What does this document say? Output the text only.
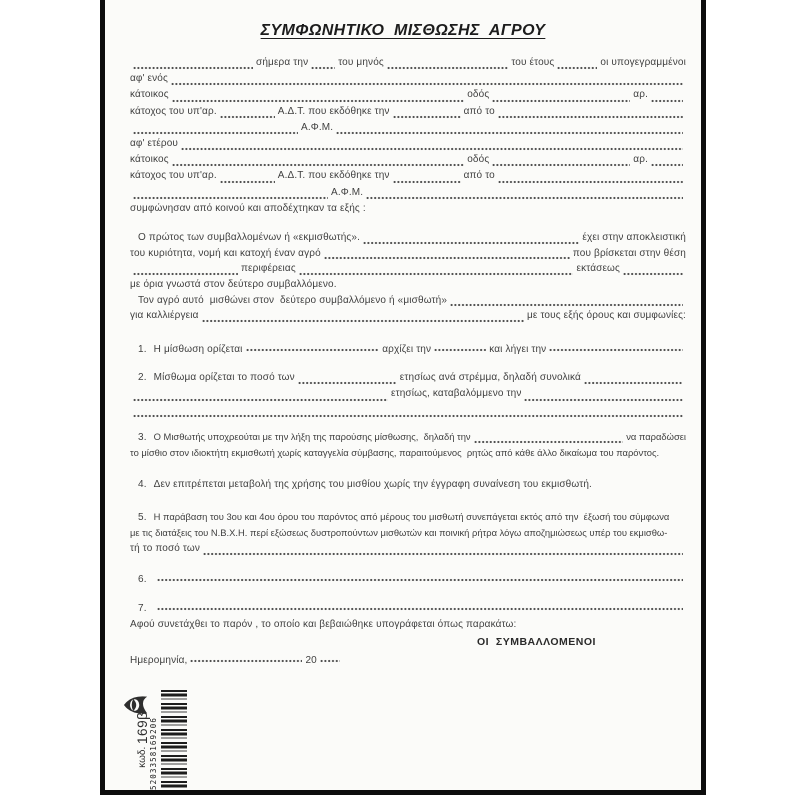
ΣΥΜΦΩΝΗΤΙΚΟ  ΜΙΣΘΩΣΗΣ  ΑΓΡΟΥ
σήμερα την	του μηνός	του έτους	οι υπογεγραμμένοι
αφ' ενός
κάτοικος	οδός	αρ.
κάτοχος του υπ'αρ.	Α.Δ.Τ. που εκδόθηκε την	από το
Α.Φ.Μ.
αφ' ετέρου
κάτοικος	οδός	αρ.
κάτοχος του υπ'αρ.	Α.Δ.Τ. που εκδόθηκε την	από το
Α.Φ.Μ.
συμφώνησαν από κοινού και αποδέχτηκαν τα εξής :
Ο πρώτος των συμβαλλομένων ή «εκμισθωτής».	έχει στην αποκλειστική
του κυριότητα, νομή και κατοχή έναν αγρό	που βρίσκεται στην θέση
περιφέρειας	εκτάσεως
με όρια γνωστά στον δεύτερο συμβαλλόμενο.
Τον αγρό αυτό  μισθώνει στον  δεύτερο συμβαλλόμενο ή «μισθωτή»
για καλλιέργεια	με τους εξής όρους και συμφωνίες:
1. Η μίσθωση ορίζεται	αρχίζει την	και λήγει την
2. Μίσθωμα ορίζεται το ποσό των	ετησίως ανά στρέμμα, δηλαδή συνολικά
ετησίως, καταβαλόμμενο την
3. Ο Μισθωτής υποχρεούται με την λήξη της παρούσης μίσθωσης,  δηλαδή την	να παραδώσει
το μίσθιο στον ιδιοκτήτη εκμισθωτή χωρίς καταγγελία σύμβασης, παραιτούμενος  ρητώς από κάθε άλλο δικαίωμα του παρόντος.
4. Δεν επιτρέπεται μεταβολή της χρήσης του μισθίου χωρίς την έγγραφη συναίνεση του εκμισθωτή.
5. Η παράβαση του 3ου και 4ου όρου του παρόντος από μέρους του μισθωτή συνεπάγεται εκτός από την  έξωσή του σύμφωνα
με τις διατάξεις του Ν.Β.Χ.Η. περί εξώσεως δυστροπούντων μισθωτών και ποινική ρήτρα λόγω αποζημιώσεως υπέρ του εκμισθω-
τή το ποσό των
6.
7.
Αφού συνετάχθει το παρόν , το οποίο και βεβαιώθηκε υπογράφεται όπως παρακάτω:
ΟΙ  ΣΥΜΒΑΛΛΟΜΕΝΟΙ
Ημερομηνία,	20

κωδ. 169β
5203358169206
